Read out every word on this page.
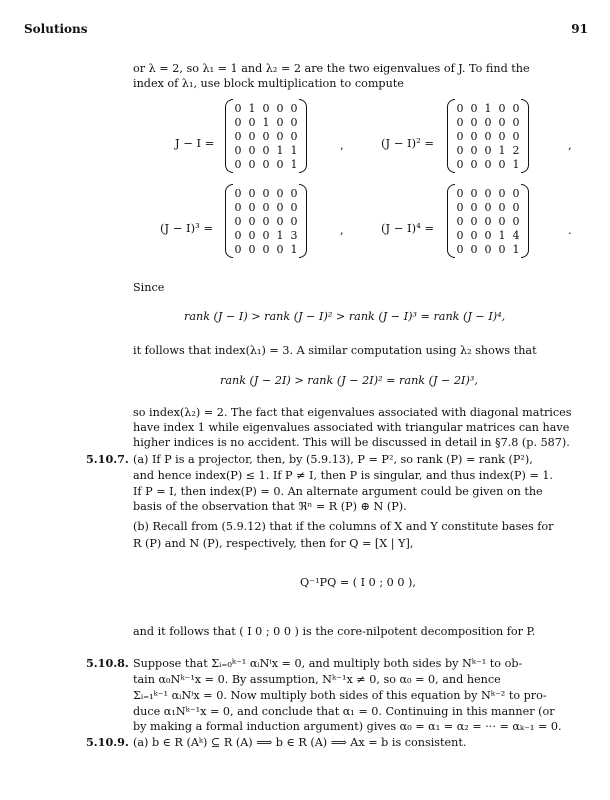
Solutions	91
or λ = 2, so λ₁ = 1 and λ₂ = 2 are the two eigenvalues of J. To find the
index of λ₁, use block multiplication to compute
J − I =
0	1	0	0	0
0	0	1	0	0
0	0	0	0	0
0	0	0	1	1
0	0	0	0	1
,	(J − I)² =
0	0	1	0	0
0	0	0	0	0
0	0	0	0	0
0	0	0	1	2
0	0	0	0	1
,
(J − I)³ =
0	0	0	0	0
0	0	0	0	0
0	0	0	0	0
0	0	0	1	3
0	0	0	0	1
,	(J − I)⁴ =
0	0	0	0	0
0	0	0	0	0
0	0	0	0	0
0	0	0	1	4
0	0	0	0	1
.
Since
rank (J − I) > rank (J − I)² > rank (J − I)³ = rank (J − I)⁴,
it follows that index(λ₁) = 3. A similar computation using λ₂ shows that
rank (J − 2I) > rank (J − 2I)² = rank (J − 2I)³,
so index(λ₂) = 2. The fact that eigenvalues associated with diagonal matrices
have index 1 while eigenvalues associated with triangular matrices can have
higher indices is no accident. This will be discussed in detail in §7.8 (p. 587).
5.10.7. (a) If P is a projector, then, by (5.9.13), P = P², so rank (P) = rank (P²),
and hence index(P) ≤ 1. If P ≠ I, then P is singular, and thus index(P) = 1.
If P = I, then index(P) = 0. An alternate argument could be given on the
basis of the observation that ℜⁿ = R (P) ⊕ N (P).
(b) Recall from (5.9.12) that if the columns of X and Y constitute bases for
R (P) and N (P), respectively, then for Q = [X | Y],
Q⁻¹PQ = ( I 0 ; 0 0 ),
and it follows that ( I 0 ; 0 0 ) is the core-nilpotent decomposition for P.
5.10.8. Suppose that Σᵢ₌₀ᵏ⁻¹ αᵢNⁱx = 0, and multiply both sides by Nᵏ⁻¹ to ob-
tain α₀Nᵏ⁻¹x = 0. By assumption, Nᵏ⁻¹x ≠ 0, so α₀ = 0, and hence
Σᵢ₌₁ᵏ⁻¹ αᵢNⁱx = 0. Now multiply both sides of this equation by Nᵏ⁻² to pro-
duce α₁Nᵏ⁻¹x = 0, and conclude that α₁ = 0. Continuing in this manner (or
by making a formal induction argument) gives α₀ = α₁ = α₂ = ··· = αₖ₋₁ = 0.
5.10.9. (a) b ∈ R (Aᵏ) ⊆ R (A) ⟹ b ∈ R (A) ⟹ Ax = b is consistent.
